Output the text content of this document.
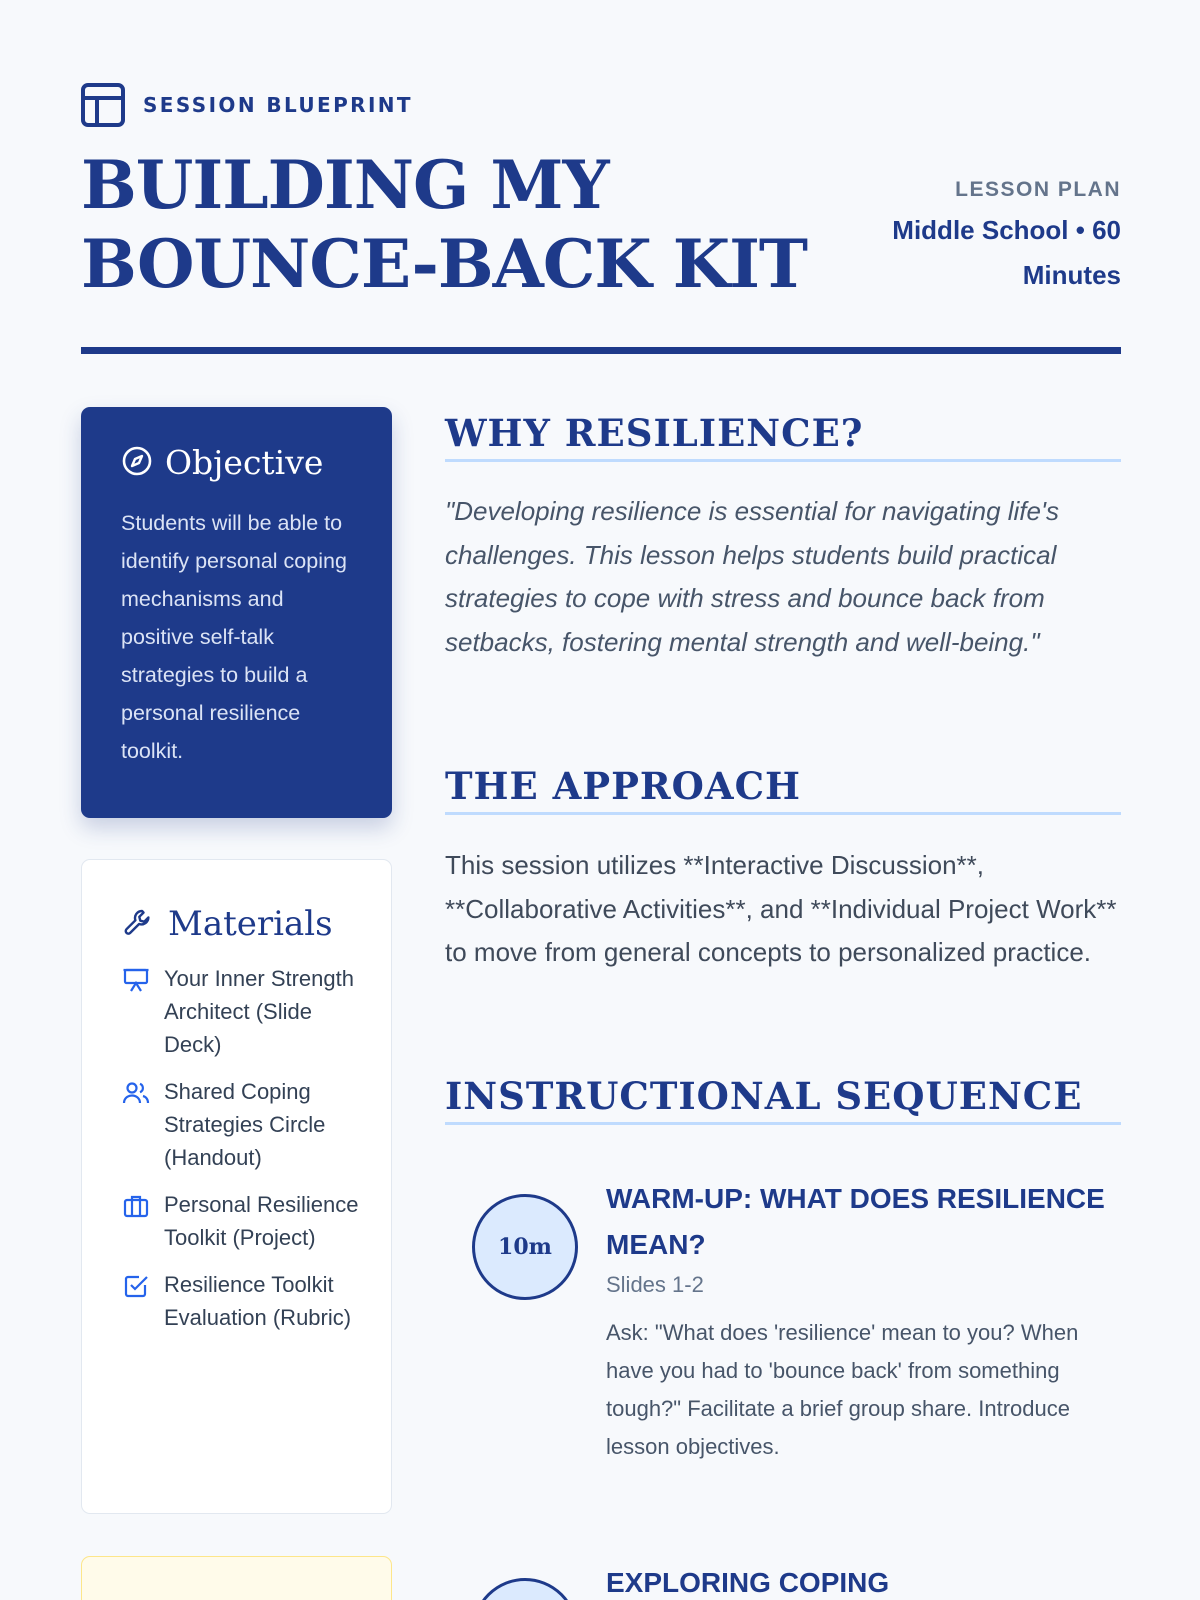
SESSION BLUEPRINT
BUILDING MY
BOUNCE-BACK KIT
LESSON PLAN
Middle School • 60 Minutes
Objective

Students will be able to identify personal coping mechanisms and positive self-talk strategies to build a personal resilience toolkit.

Materials
Your Inner Strength Architect (Slide Deck)
Shared Coping Strategies Circle (Handout)
Personal Resilience Toolkit (Project)
Resilience Toolkit Evaluation (Rubric)
WHY RESILIENCE?

"Developing resilience is essential for navigating life's challenges. This lesson helps students build practical strategies to cope with stress and bounce back from setbacks, fostering mental strength and well-being."

THE APPROACH

This session utilizes **Interactive Discussion**, **Collaborative Activities**, and **Individual Project Work** to move from general concepts to personalized practice.

INSTRUCTIONAL SEQUENCE
10m
WARM-UP: WHAT DOES RESILIENCE MEAN?
Slides 1-2

Ask: "What does 'resilience' mean to you? When have you had to 'bounce back' from something tough?" Facilitate a brief group share. Introduce lesson objectives.

EXPLORING COPING
